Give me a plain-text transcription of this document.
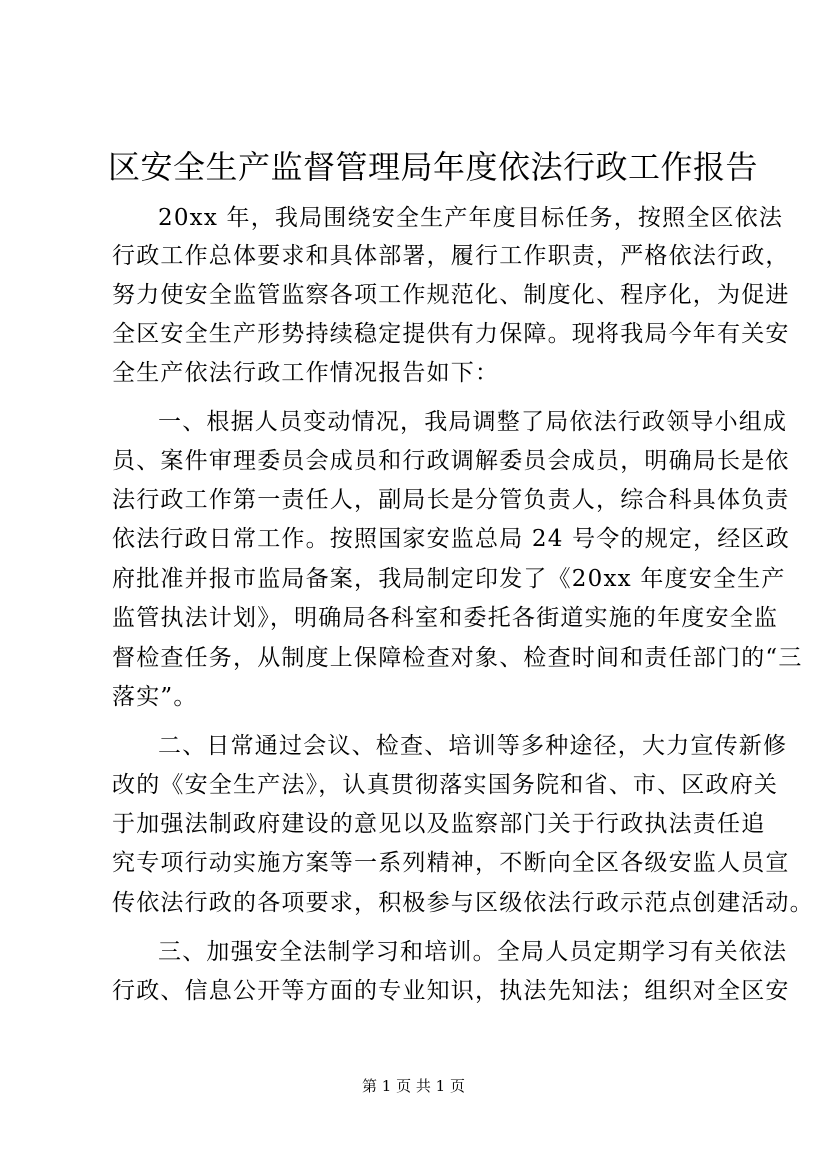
区安全生产监督管理局年度依法行政工作报告
20xx 年，我局围绕安全生产年度目标任务，按照全区依法
行政工作总体要求和具体部署，履行工作职责，严格依法行政，
努力使安全监管监察各项工作规范化、制度化、程序化，为促进
全区安全生产形势持续稳定提供有力保障。现将我局今年有关安
全生产依法行政工作情况报告如下：
一、根据人员变动情况，我局调整了局依法行政领导小组成
员、案件审理委员会成员和行政调解委员会成员，明确局长是依
法行政工作第一责任人，副局长是分管负责人，综合科具体负责
依法行政日常工作。按照国家安监总局 24 号令的规定，经区政
府批准并报市监局备案，我局制定印发了《20xx 年度安全生产
监管执法计划》，明确局各科室和委托各街道实施的年度安全监
督检查任务，从制度上保障检查对象、检查时间和责任部门的“三
落实”。
二、日常通过会议、检查、培训等多种途径，大力宣传新修
改的《安全生产法》，认真贯彻落实国务院和省、市、区政府关
于加强法制政府建设的意见以及监察部门关于行政执法责任追
究专项行动实施方案等一系列精神，不断向全区各级安监人员宣
传依法行政的各项要求，积极参与区级依法行政示范点创建活动。
三、加强安全法制学习和培训。全局人员定期学习有关依法
行政、信息公开等方面的专业知识，执法先知法；组织对全区安
第 1 页 共 1 页
